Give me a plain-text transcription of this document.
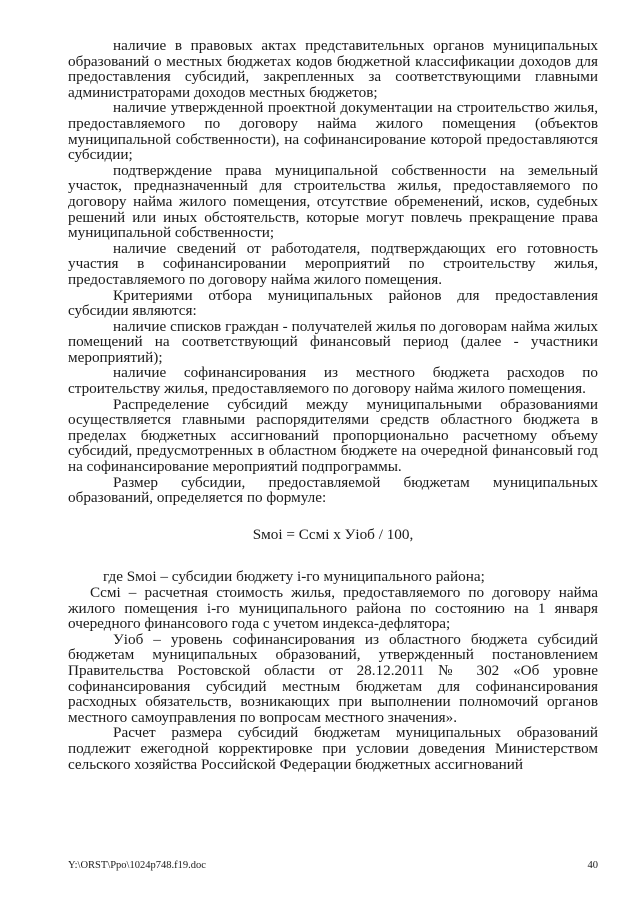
наличие в правовых актах представительных органов муниципальных образований о местных бюджетах кодов бюджетной классификации доходов для предоставления субсидий, закрепленных за соответствующими главными администраторами доходов местных бюджетов;

наличие утвержденной проектной документации на строительство жилья, предоставляемого по договору найма жилого помещения (объектов муниципальной собственности), на софинансирование которой предоставляются субсидии;

подтверждение права муниципальной собственности на земельный участок, предназначенный для строительства жилья, предоставляемого по договору найма жилого помещения, отсутствие обременений, исков, судебных решений или иных обстоятельств, которые могут повлечь прекращение права муниципальной собственности;

наличие сведений от работодателя, подтверждающих его готовность участия в софинансировании мероприятий по строительству жилья, предоставляемого по договору найма жилого помещения.

Критериями отбора муниципальных районов для предоставления субсидии являются:

наличие списков граждан - получателей жилья по договорам найма жилых помещений на соответствующий финансовый период (далее - участники мероприятий);

наличие софинансирования из местного бюджета расходов по строительству жилья, предоставляемого по договору найма жилого помещения.

Распределение субсидий между муниципальными образованиями осуществляется главными распорядителями средств областного бюджета в пределах бюджетных ассигнований пропорционально расчетному объему субсидий, предусмотренных в областном бюджете на очередной финансовый год на софинансирование мероприятий подпрограммы.

Размер субсидии, предоставляемой бюджетам муниципальных образований, определяется по формуле:

Sмoi = Ccмi х Уioб / 100,

где Sмoi – субсидии бюджету i-го муниципального района;

Ccмi – расчетная стоимость жилья, предоставляемого по договору найма жилого помещения i-го муниципального района по состоянию на 1 января очередного финансового года с учетом индекса-дефлятора;

Уioб – уровень софинансирования из областного бюджета субсидий бюджетам муниципальных образований, утвержденный постановлением Правительства Ростовской области от 28.12.2011 № 302 «Об уровне софинансирования субсидий местным бюджетам для софинансирования расходных обязательств, возникающих при выполнении полномочий органов местного самоуправления по вопросам местного значения».

Расчет размера субсидий бюджетам муниципальных образований подлежит ежегодной корректировке при условии доведения Министерством сельского хозяйства Российской Федерации бюджетных ассигнований

Y:\ORST\Ppo\1024p748.f19.doc	40
